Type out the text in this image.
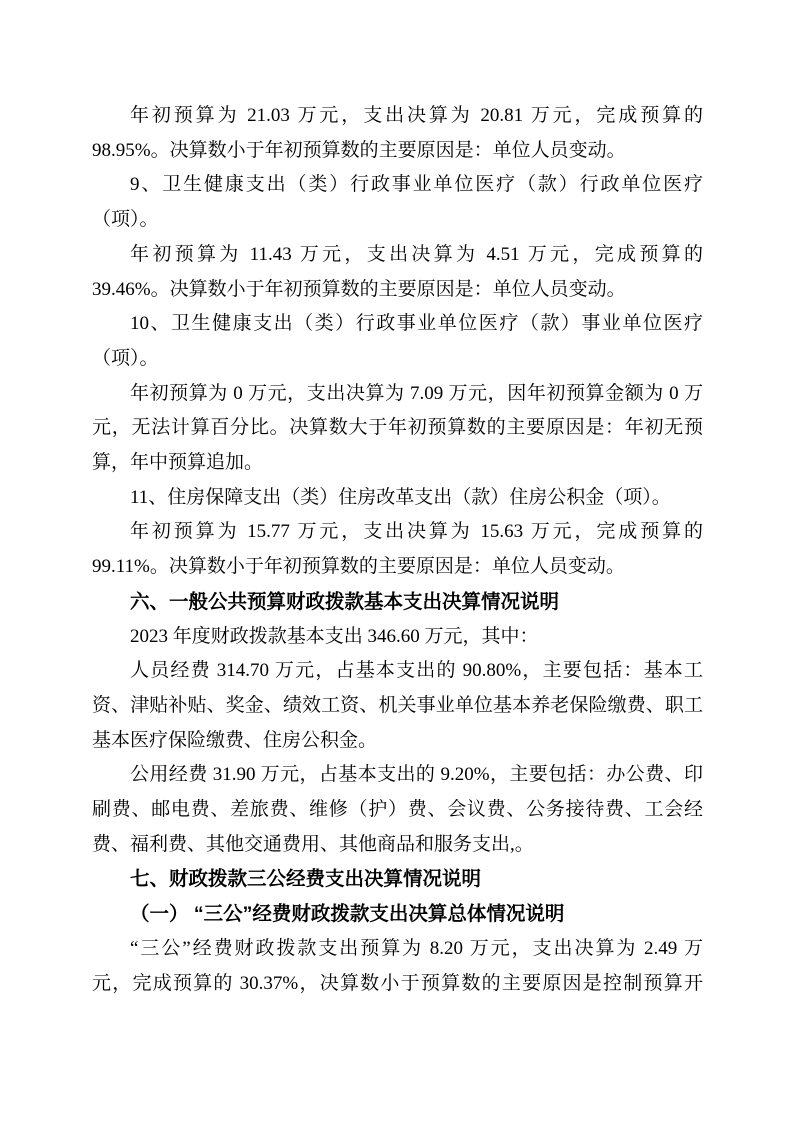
年初预算为 21.03 万元，支出决算为 20.81 万元，完成预算的
98.95%。决算数小于年初预算数的主要原因是：单位人员变动。
9、卫生健康支出（类）行政事业单位医疗（款）行政单位医疗
（项）。
年初预算为 11.43 万元，支出决算为 4.51 万元，完成预算的
39.46%。决算数小于年初预算数的主要原因是：单位人员变动。
10、卫生健康支出（类）行政事业单位医疗（款）事业单位医疗
（项）。
年初预算为 0 万元，支出决算为 7.09 万元，因年初预算金额为 0 万
元，无法计算百分比。决算数大于年初预算数的主要原因是：年初无预
算，年中预算追加。
11、住房保障支出（类）住房改革支出（款）住房公积金（项）。
年初预算为 15.77 万元，支出决算为 15.63 万元，完成预算的
99.11%。决算数小于年初预算数的主要原因是：单位人员变动。
六、一般公共预算财政拨款基本支出决算情况说明
2023 年度财政拨款基本支出 346.60 万元，其中：
人员经费 314.70 万元，占基本支出的 90.80%，主要包括：基本工
资、津贴补贴、奖金、绩效工资、机关事业单位基本养老保险缴费、职工
基本医疗保险缴费、住房公积金。
公用经费 31.90 万元，占基本支出的 9.20%，主要包括：办公费、印
刷费、邮电费、差旅费、维修（护）费、会议费、公务接待费、工会经
费、福利费、其他交通费用、其他商品和服务支出,。
七、财政拨款三公经费支出决算情况说明
（一） “三公”经费财政拨款支出决算总体情况说明
“三公”经费财政拨款支出预算为 8.20 万元，支出决算为 2.49 万
元，完成预算的 30.37%，决算数小于预算数的主要原因是控制预算开
